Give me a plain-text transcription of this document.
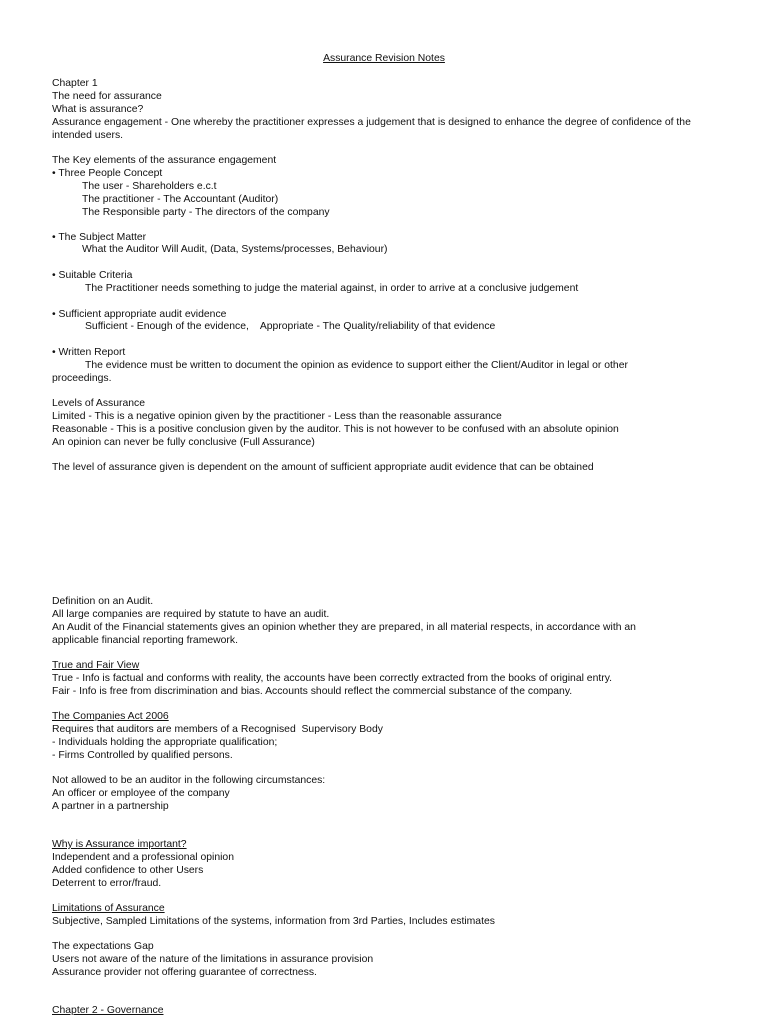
Assurance Revision Notes
Chapter 1
The need for assurance
What is assurance?
Assurance engagement - One whereby the practitioner expresses a judgement that is designed to enhance the degree of confidence of the intended users.
The Key elements of the assurance engagement
• Three People Concept
The user - Shareholders e.c.t
The practitioner - The Accountant (Auditor)
The Responsible party - The directors of the company
• The Subject Matter
What the Auditor Will Audit, (Data, Systems/processes, Behaviour)
• Suitable Criteria
The Practitioner needs something to judge the material against, in order to arrive at a conclusive judgement
• Sufficient appropriate audit evidence
Sufficient - Enough of the evidence,    Appropriate - The Quality/reliability of that evidence
• Written Report
The evidence must be written to document the opinion as evidence to support either the Client/Auditor in legal or other
proceedings.
Levels of Assurance
Limited - This is a negative opinion given by the practitioner - Less than the reasonable assurance
Reasonable - This is a positive conclusion given by the auditor. This is not however to be confused with an absolute opinion
An opinion can never be fully conclusive (Full Assurance)
The level of assurance given is dependent on the amount of sufficient appropriate audit evidence that can be obtained
Definition on an Audit.
All large companies are required by statute to have an audit.
An Audit of the Financial statements gives an opinion whether they are prepared, in all material respects, in accordance with an
applicable financial reporting framework.
True and Fair View
True - Info is factual and conforms with reality, the accounts have been correctly extracted from the books of original entry.
Fair - Info is free from discrimination and bias. Accounts should reflect the commercial substance of the company.
The Companies Act 2006
Requires that auditors are members of a Recognised  Supervisory Body
- Individuals holding the appropriate qualification;
- Firms Controlled by qualified persons.
Not allowed to be an auditor in the following circumstances:
An officer or employee of the company
A partner in a partnership
Why is Assurance important?
Independent and a professional opinion
Added confidence to other Users
Deterrent to error/fraud.
Limitations of Assurance
Subjective, Sampled Limitations of the systems, information from 3rd Parties, Includes estimates
The expectations Gap
Users not aware of the nature of the limitations in assurance provision
Assurance provider not offering guarantee of correctness.
Chapter 2 - Governance
